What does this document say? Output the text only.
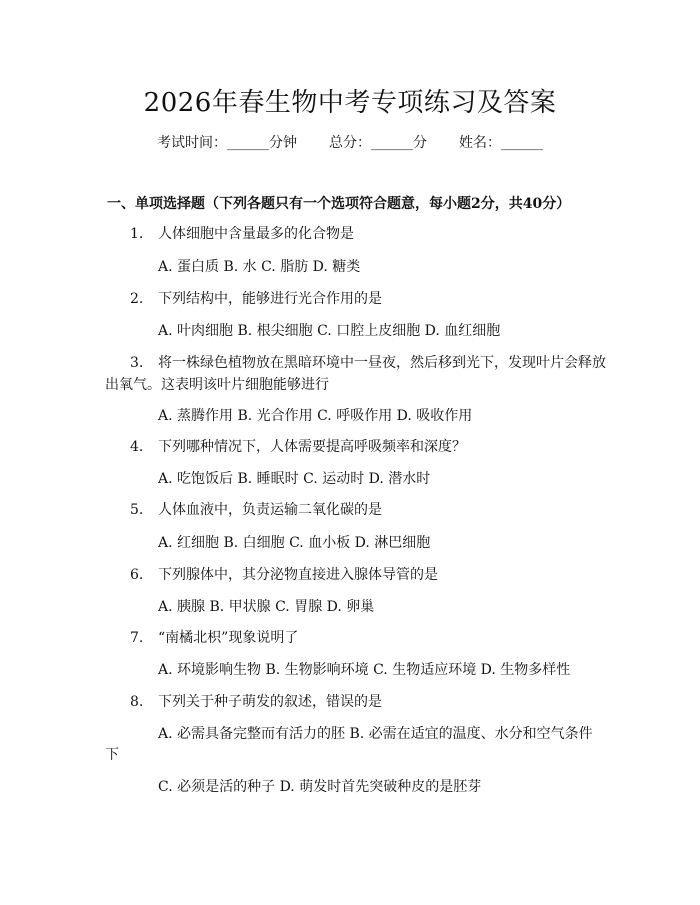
2026年春生物中考专项练习及答案
考试时间：______分钟 总分：______分 姓名：______
一、单项选择题（下列各题只有一个选项符合题意，每小题2分，共40分）
1. 人体细胞中含量最多的化合物是
A. 蛋白质 B. 水 C. 脂肪 D. 糖类
2. 下列结构中，能够进行光合作用的是
A. 叶肉细胞 B. 根尖细胞 C. 口腔上皮细胞 D. 血红细胞
3. 将一株绿色植物放在黑暗环境中一昼夜，然后移到光下，发现叶片会释放
出氧气。这表明该叶片细胞能够进行
A. 蒸腾作用 B. 光合作用 C. 呼吸作用 D. 吸收作用
4. 下列哪种情况下，人体需要提高呼吸频率和深度？
A. 吃饱饭后 B. 睡眠时 C. 运动时 D. 潜水时
5. 人体血液中，负责运输二氧化碳的是
A. 红细胞 B. 白细胞 C. 血小板 D. 淋巴细胞
6. 下列腺体中，其分泌物直接进入腺体导管的是
A. 胰腺 B. 甲状腺 C. 胃腺 D. 卵巢
7. “南橘北枳”现象说明了
A. 环境影响生物 B. 生物影响环境 C. 生物适应环境 D. 生物多样性
8. 下列关于种子萌发的叙述，错误的是
A. 必需具备完整而有活力的胚 B. 必需在适宜的温度、水分和空气条件
下
C. 必须是活的种子 D. 萌发时首先突破种皮的是胚芽
